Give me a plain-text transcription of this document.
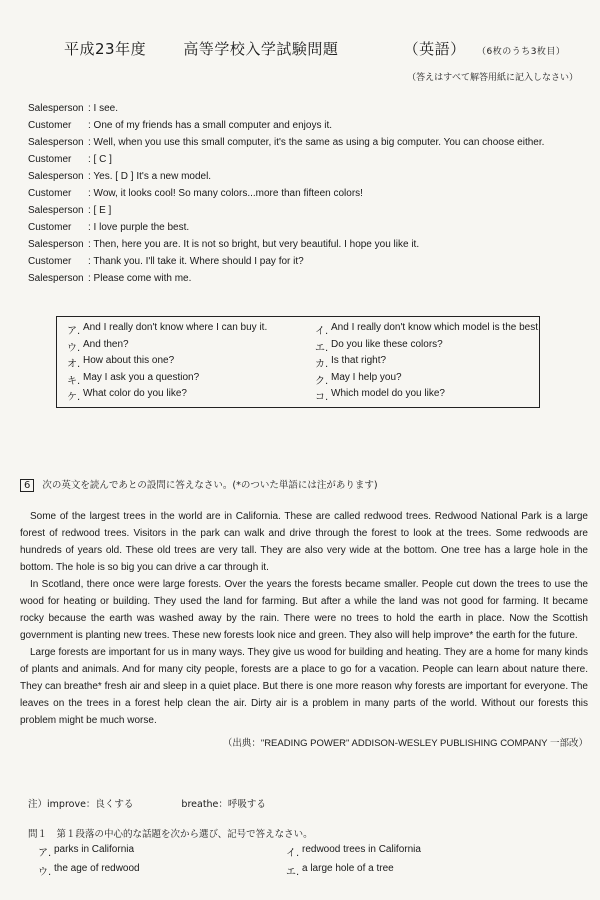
平成23年度 高等学校入学試験問題	（英語） （6枚のうち3枚目）
（答えはすべて解答用紙に記入しなさい）
Salesperson : I see.
Customer	: One of my friends has a small computer and enjoys it.
Salesperson : Well, when you use this small computer, it's the same as using a big computer. You can choose either.
Customer	: [ C ]
Salesperson : Yes. [ D ] It's a new model.
Customer	: Wow, it looks cool! So many colors...more than fifteen colors!
Salesperson : [ E ]
Customer	: I love purple the best.
Salesperson : Then, here you are. It is not so bright, but very beautiful. I hope you like it.
Customer	: Thank you. I'll take it. Where should I pay for it?
Salesperson : Please come with me.
ア. And I really don't know where I can buy it.	イ. And I really don't know which model is the best.
ウ. And then?	エ. Do you like these colors?
オ. How about this one?	カ. Is that right?
キ. May I ask you a question?	ク. May I help you?
ケ. What color do you like?	コ. Which model do you like?
6 次の英文を読んであとの設問に答えなさい。(*のついた単語には注があります)

Some of the largest trees in the world are in California. These are called redwood trees. Redwood National Park is a large forest of redwood trees. Visitors in the park can walk and drive through the forest to look at the trees. Some redwoods are hundreds of years old. These old trees are very tall. They are also very wide at the bottom. One tree has a large hole in the bottom. The hole is so big you can drive a car through it.

In Scotland, there once were large forests. Over the years the forests became smaller. People cut down the trees to use the wood for heating or building. They used the land for farming. But after a while the land was not good for farming. It became rocky because the earth was washed away by the rain. There were no trees to hold the earth in place. Now the Scottish government is planting new trees. These new forests look nice and green. They also will help improve* the earth for the future.

Large forests are important for us in many ways. They give us wood for building and heating. They are a home for many kinds of plants and animals. And for many city people, forests are a place to go for a vacation. People can learn about nature there. They can breathe* fresh air and sleep in a quiet place. But there is one more reason why forests are important for everyone. The leaves on the trees in a forest help clean the air. Dirty air is a problem in many parts of the world. Without our forests this problem might be much worse.

（出典："READING POWER" ADDISON-WESLEY PUBLISHING COMPANY 一部改）
注）improve：良くする	breathe：呼吸する
問１　第１段落の中心的な話題を次から選び、記号で答えなさい。
ア. parks in California	イ. redwood trees in California
ウ. the age of redwood	エ. a large hole of a tree
